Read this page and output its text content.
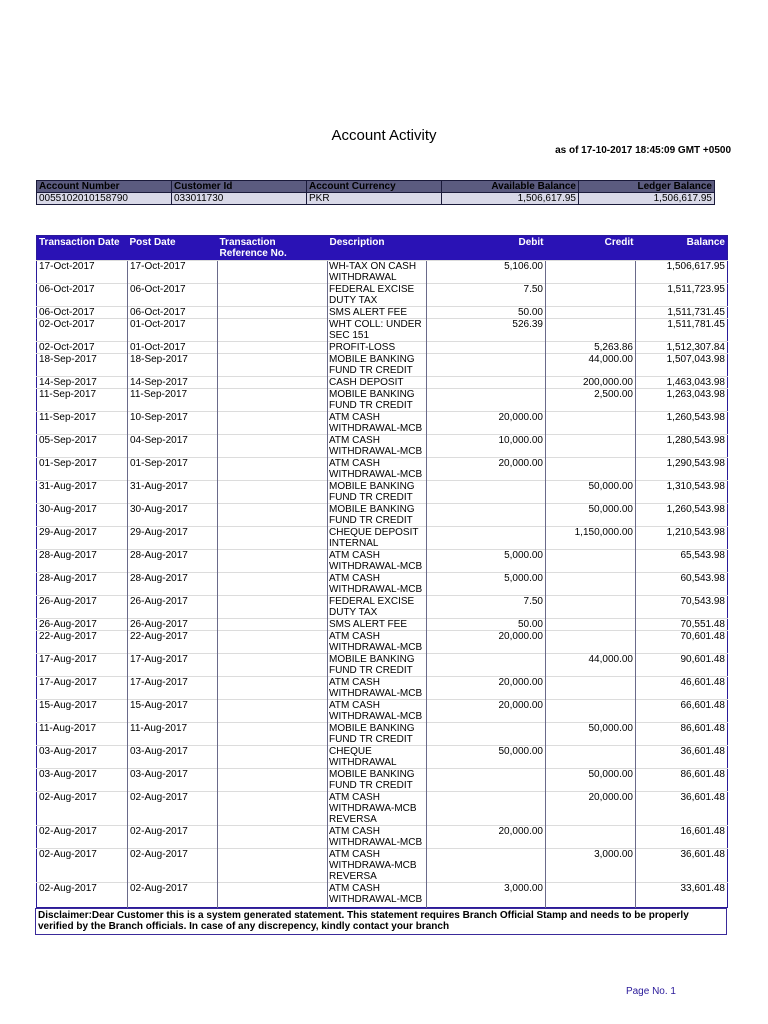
Account Activity
as of 17-10-2017 18:45:09 GMT +0500
Account Number	Customer Id	Account Currency	Available Balance	Ledger Balance
0055102010158790	033011730	PKR	1,506,617.95	1,506,617.95
Transaction Date	Post Date	Transaction Reference No.	Description	Debit	Credit	Balance
17-Oct-2017	17-Oct-2017		WH-TAX ON CASH WITHDRAWAL	5,106.00		1,506,617.95
06-Oct-2017	06-Oct-2017		FEDERAL EXCISE DUTY TAX	7.50		1,511,723.95
06-Oct-2017	06-Oct-2017		SMS ALERT FEE	50.00		1,511,731.45
02-Oct-2017	01-Oct-2017		WHT COLL: UNDER SEC 151	526.39		1,511,781.45
02-Oct-2017	01-Oct-2017		PROFIT-LOSS		5,263.86	1,512,307.84
18-Sep-2017	18-Sep-2017		MOBILE BANKING FUND TR CREDIT		44,000.00	1,507,043.98
14-Sep-2017	14-Sep-2017		CASH DEPOSIT		200,000.00	1,463,043.98
11-Sep-2017	11-Sep-2017		MOBILE BANKING FUND TR CREDIT		2,500.00	1,263,043.98
11-Sep-2017	10-Sep-2017		ATM CASH WITHDRAWAL-MCB	20,000.00		1,260,543.98
05-Sep-2017	04-Sep-2017		ATM CASH WITHDRAWAL-MCB	10,000.00		1,280,543.98
01-Sep-2017	01-Sep-2017		ATM CASH WITHDRAWAL-MCB	20,000.00		1,290,543.98
31-Aug-2017	31-Aug-2017		MOBILE BANKING FUND TR CREDIT		50,000.00	1,310,543.98
30-Aug-2017	30-Aug-2017		MOBILE BANKING FUND TR CREDIT		50,000.00	1,260,543.98
29-Aug-2017	29-Aug-2017		CHEQUE DEPOSIT INTERNAL		1,150,000.00	1,210,543.98
28-Aug-2017	28-Aug-2017		ATM CASH WITHDRAWAL-MCB	5,000.00		65,543.98
28-Aug-2017	28-Aug-2017		ATM CASH WITHDRAWAL-MCB	5,000.00		60,543.98
26-Aug-2017	26-Aug-2017		FEDERAL EXCISE DUTY TAX	7.50		70,543.98
26-Aug-2017	26-Aug-2017		SMS ALERT FEE	50.00		70,551.48
22-Aug-2017	22-Aug-2017		ATM CASH WITHDRAWAL-MCB	20,000.00		70,601.48
17-Aug-2017	17-Aug-2017		MOBILE BANKING FUND TR CREDIT		44,000.00	90,601.48
17-Aug-2017	17-Aug-2017		ATM CASH WITHDRAWAL-MCB	20,000.00		46,601.48
15-Aug-2017	15-Aug-2017		ATM CASH WITHDRAWAL-MCB	20,000.00		66,601.48
11-Aug-2017	11-Aug-2017		MOBILE BANKING FUND TR CREDIT		50,000.00	86,601.48
03-Aug-2017	03-Aug-2017		CHEQUE WITHDRAWAL	50,000.00		36,601.48
03-Aug-2017	03-Aug-2017		MOBILE BANKING FUND TR CREDIT		50,000.00	86,601.48
02-Aug-2017	02-Aug-2017		ATM CASH WITHDRAWA-MCB REVERSA		20,000.00	36,601.48
02-Aug-2017	02-Aug-2017		ATM CASH WITHDRAWAL-MCB	20,000.00		16,601.48
02-Aug-2017	02-Aug-2017		ATM CASH WITHDRAWA-MCB REVERSA		3,000.00	36,601.48
02-Aug-2017	02-Aug-2017		ATM CASH WITHDRAWAL-MCB	3,000.00		33,601.48
Disclaimer:Dear Customer this is a system generated statement. This statement requires Branch Official Stamp and needs to be properly verified by the Branch officials. In case of any discrepency, kindly contact your branch
Page No. 1
